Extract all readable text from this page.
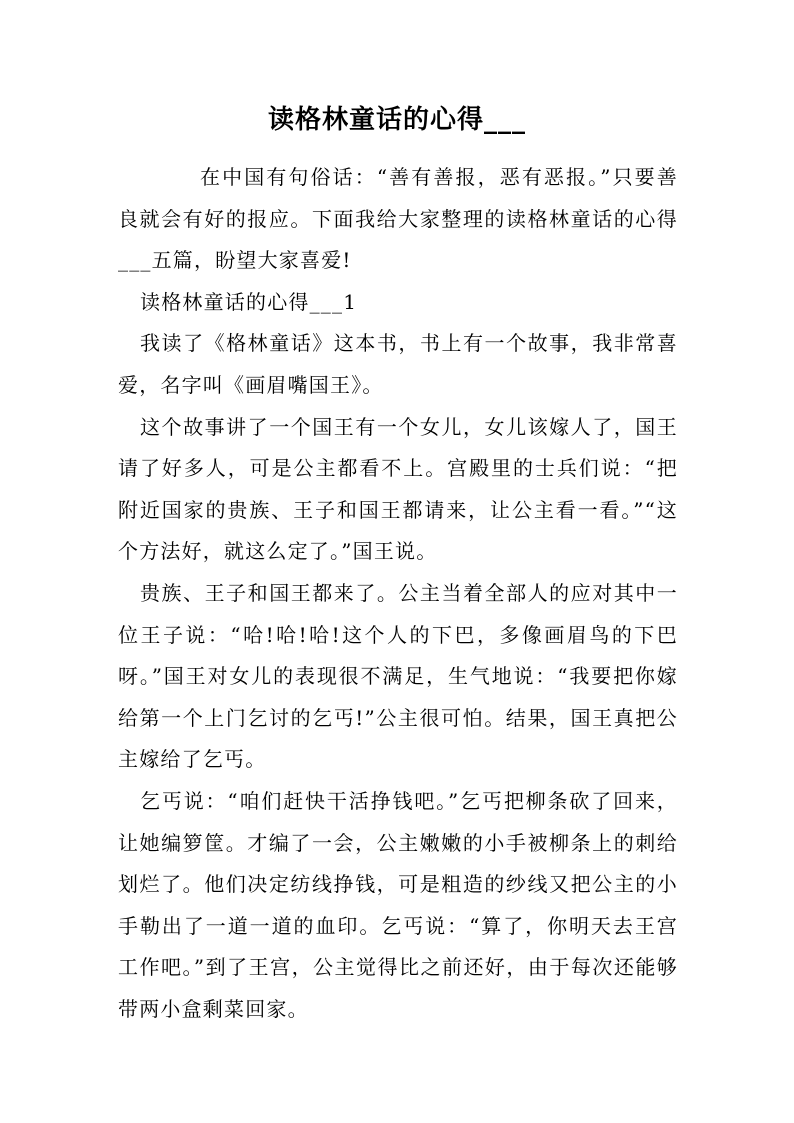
读格林童话的心得___

在中国有句俗话：“善有善报，恶有恶报。”只要善良就会有好的报应。下面我给大家整理的读格林童话的心得___五篇，盼望大家喜爱!

读格林童话的心得___1

我读了《格林童话》这本书，书上有一个故事，我非常喜爱，名字叫《画眉嘴国王》。

这个故事讲了一个国王有一个女儿，女儿该嫁人了，国王请了好多人，可是公主都看不上。宫殿里的士兵们说：“把附近国家的贵族、王子和国王都请来，让公主看一看。”“这个方法好，就这么定了。”国王说。

贵族、王子和国王都来了。公主当着全部人的应对其中一位王子说：“哈!哈!哈!这个人的下巴，多像画眉鸟的下巴呀。”国王对女儿的表现很不满足，生气地说：“我要把你嫁给第一个上门乞讨的乞丐!”公主很可怕。结果，国王真把公主嫁给了乞丐。

乞丐说：“咱们赶快干活挣钱吧。”乞丐把柳条砍了回来，让她编箩筐。才编了一会，公主嫩嫩的小手被柳条上的刺给划烂了。他们决定纺线挣钱，可是粗造的纱线又把公主的小手勒出了一道一道的血印。乞丐说：“算了，你明天去王宫工作吧。”到了王宫，公主觉得比之前还好，由于每次还能够带两小盒剩菜回家。
